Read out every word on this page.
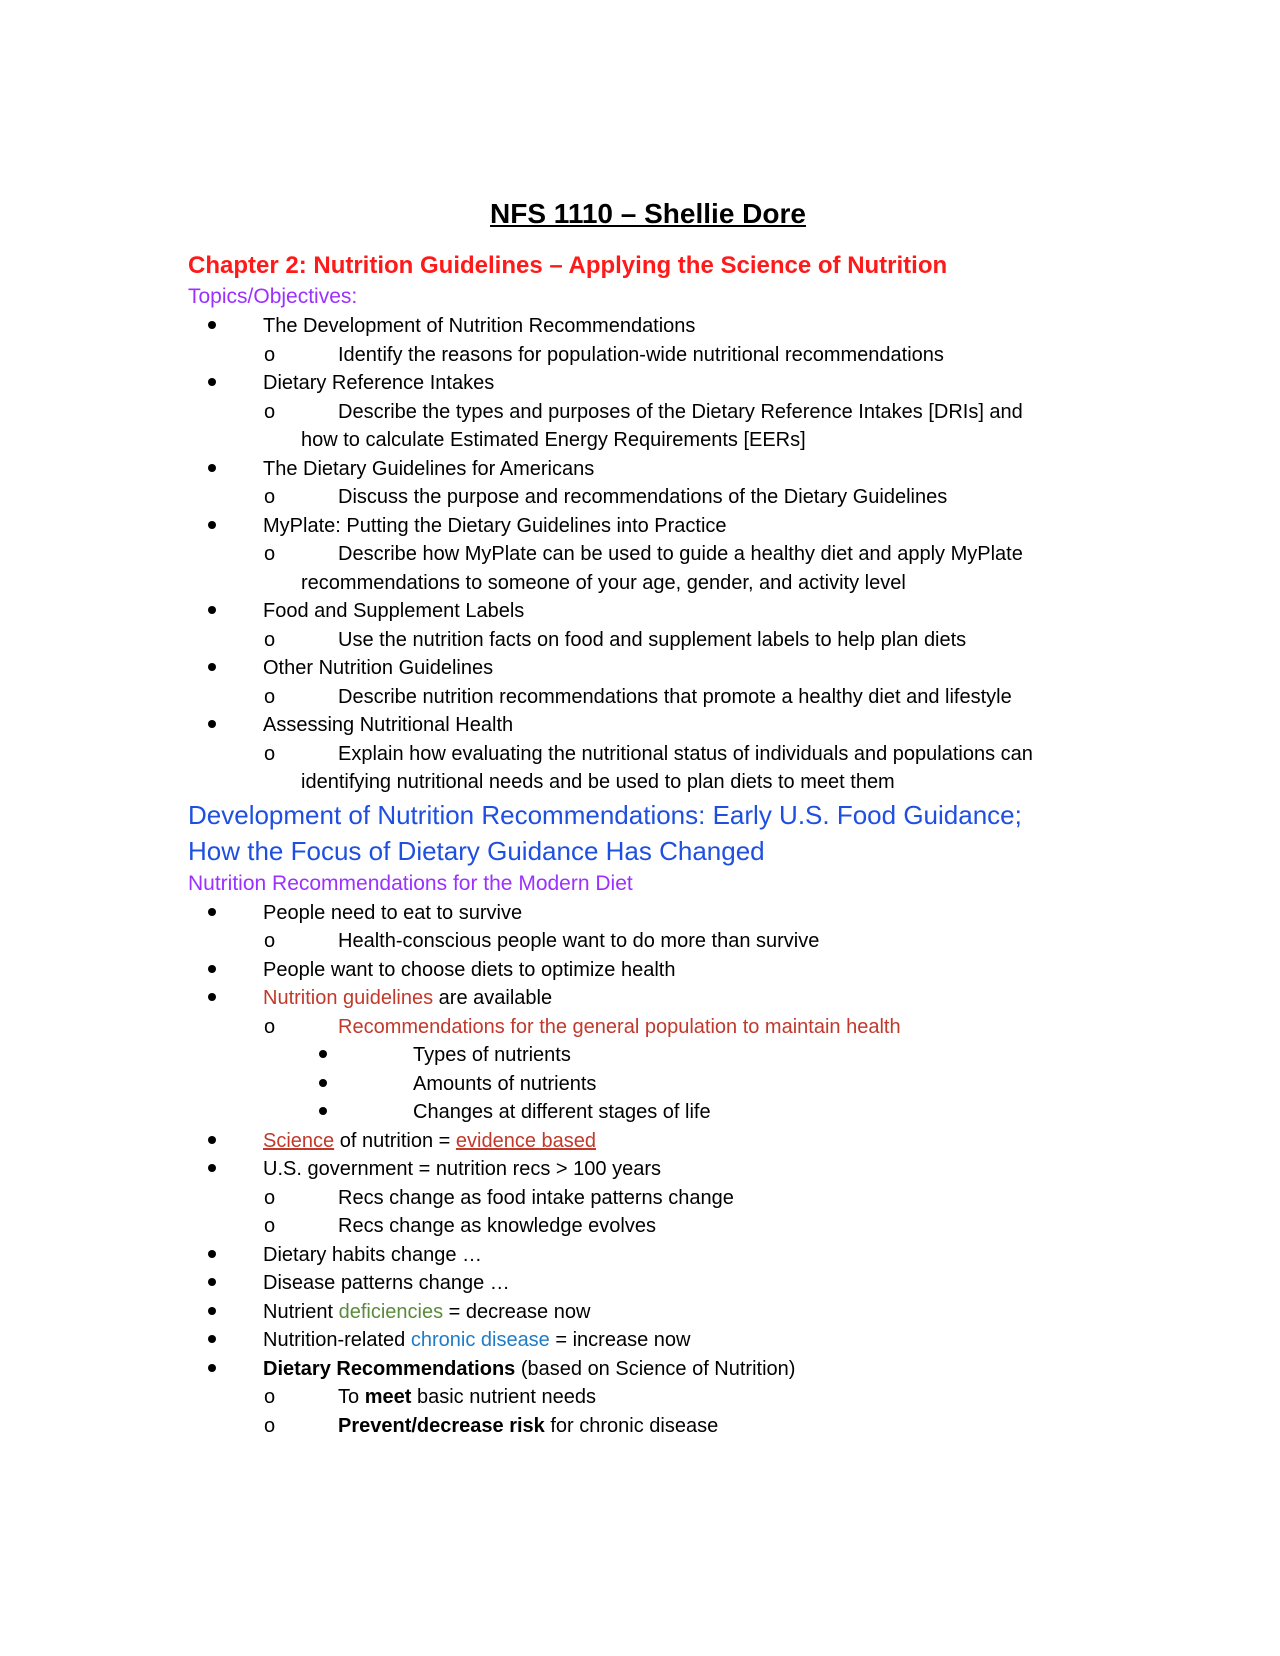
NFS 1110 – Shellie Dore

Chapter 2: Nutrition Guidelines – Applying the Science of Nutrition

Topics/Objectives:

The Development of Nutrition Recommendations
o	Identify the reasons for population-wide nutritional recommendations
Dietary Reference Intakes
o	Describe the types and purposes of the Dietary Reference Intakes [DRIs] and
how to calculate Estimated Energy Requirements [EERs]
The Dietary Guidelines for Americans
o	Discuss the purpose and recommendations of the Dietary Guidelines
MyPlate: Putting the Dietary Guidelines into Practice
o	Describe how MyPlate can be used to guide a healthy diet and apply MyPlate
recommendations to someone of your age, gender, and activity level
Food and Supplement Labels
o	Use the nutrition facts on food and supplement labels to help plan diets
Other Nutrition Guidelines
o	Describe nutrition recommendations that promote a healthy diet and lifestyle
Assessing Nutritional Health
o	Explain how evaluating the nutritional status of individuals and populations can
identifying nutritional needs and be used to plan diets to meet them

Development of Nutrition Recommendations: Early U.S. Food Guidance;
How the Focus of Dietary Guidance Has Changed

Nutrition Recommendations for the Modern Diet

People need to eat to survive
o	Health-conscious people want to do more than survive
People want to choose diets to optimize health
Nutrition guidelines are available
o	Recommendations for the general population to maintain health
Types of nutrients
Amounts of nutrients
Changes at different stages of life
Science of nutrition = evidence based
U.S. government = nutrition recs > 100 years
o	Recs change as food intake patterns change
o	Recs change as knowledge evolves
Dietary habits change …
Disease patterns change …
Nutrient deficiencies = decrease now
Nutrition-related chronic disease = increase now
Dietary Recommendations (based on Science of Nutrition)
o	To meet basic nutrient needs
o	Prevent/decrease risk for chronic disease
